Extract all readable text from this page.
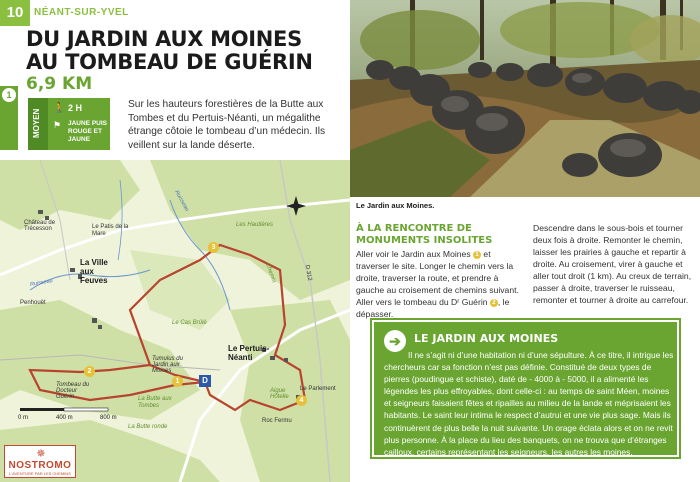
10	NÉANT-SUR-YVEL
DU JARDIN AUX MOINES
AU TOMBEAU DE GUÉRIN
6,9 KM
1
MOYEN
🚶 2 H
⚑ JAUNE PUIS ROUGE ET JAUNE

Sur les hauteurs forestières de la Butte aux Tombes et du Pertuis-Néanti, un mégalithe étrange côtoie le tombeau d’un médecin. Ils veillent sur la lande déserte.

1
2
3
4
D
Château de Trécesson	Le Patis de la Mare
La Ville aux Feuves
Penhouët
Les Hautières
Le Pertuis-Néanti
Le Cas Brûlé
Tumulus du Jardin aux Moines
Tombeau du Docteur Guérin	La Butte aux Tombes
La Butte ronde
Le Parlement
Roc Fermu
Aigue Hôtelle
Ruisseau
Ruisseau
D 312
Chemin
0 m	400 m	800 m
✵
NOSTROMO
L'AVENTURE PAR LES CHEMINS
Le Jardin aux Moines.
À LA RENCONTRE DE MONUMENTS INSOLITES

Aller voir le Jardin aux Moines 1 et traverser le site. Longer le chemin vers la droite, traverser la route, et prendre à gauche au croisement de chemins suivant. Aller vers le tombeau du Dʳ Guérin 2 , le dépasser.

Descendre dans le sous-bois et tourner deux fois à droite. Remonter le chemin, laisser les prairies à gauche et repartir à droite. Au croisement, virer à gauche et aller tout droit (1 km). Au creux de terrain, passer à droite, traverser le ruisseau, remonter et tourner à droite au carrefour.

➔	LE JARDIN AUX MOINES

Il ne s’agit ni d’une habitation ni d’une sépulture. À ce titre, il intrigue les chercheurs car sa fonction n’est pas définie. Constitué de deux types de pierres (poudingue et schiste), daté de - 4000 à - 5000, il a alimenté les légendes les plus effroyables, dont celle-ci : au temps de saint Méen, moines et seigneurs faisaient fêtes et ripailles au milieu de la lande et méprisaient les habitants. Le saint leur intima le respect d’autrui et une vie plus sage. Mais ils continuèrent de plus belle la nuit suivante. Un orage éclata alors et on ne revit plus personne. À la place du lieu des banquets, on ne trouva que d’étranges cailloux, certains représentant les seigneurs, les autres les moines.
